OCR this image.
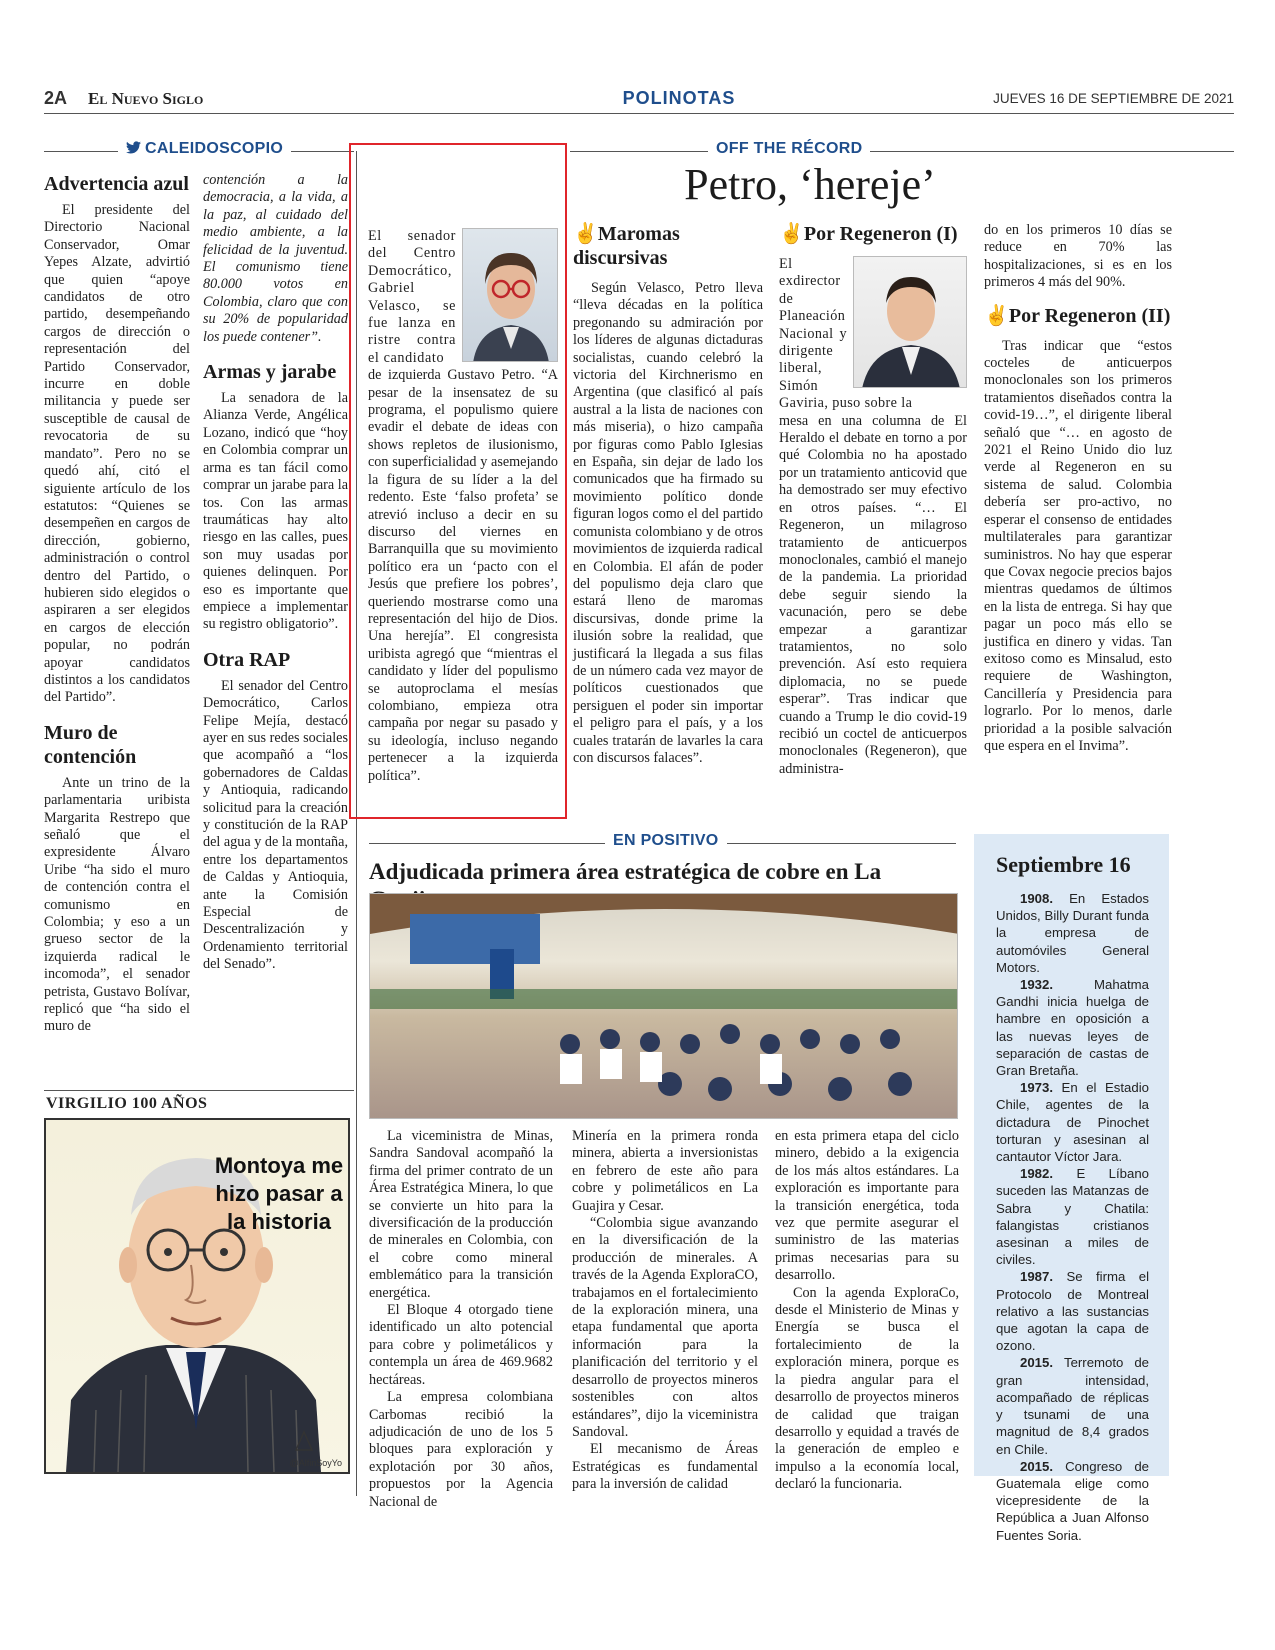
2A El Nuevo Siglo	POLINOTAS	JUEVES 16 DE SEPTIEMBRE DE 2021
CALEIDOSCOPIO
Advertencia azul

El presidente del Directorio Nacional Conservador, Omar Yepes Alzate, advirtió que quien “apoye candidatos de otro partido, desempeñando cargos de dirección o representación del Partido Conservador, incurre en doble militancia y puede ser susceptible de causal de revocatoria de su mandato”. Pero no se quedó ahí, citó el siguiente artículo de los estatutos: “Quienes se desempeñen en cargos de dirección, gobierno, administración o control dentro del Partido, o hubieren sido elegidos o aspiraren a ser elegidos en cargos de elección popular, no podrán apoyar candidatos distintos a los candidatos del Partido”.

Muro de contención

Ante un trino de la parlamentaria uribista Margarita Restrepo que señaló que el expresidente Álvaro Uribe “ha sido el muro de contención contra el comunismo en Colombia; y eso a un grueso sector de la izquierda radical le incomoda”, el senador petrista, Gustavo Bolívar, replicó que “ha sido el muro de

contención a la democracia, a la vida, a la paz, al cuidado del medio ambiente, a la felicidad de la juventud. El comunismo tiene 80.000 votos en Colombia, claro que con su 20% de popularidad los puede contener”.
Armas y jarabe

La senadora de la Alianza Verde, Angélica Lozano, indicó que “hoy en Colombia comprar un arma es tan fácil como comprar un jarabe para la tos. Con las armas traumáticas hay alto riesgo en las calles, pues son muy usadas por quienes delinquen. Por eso es importante que empiece a implementar su registro obligatorio”.

Otra RAP

El senador del Centro Democrático, Carlos Felipe Mejía, destacó ayer en sus redes sociales que acompañó a “los gobernadores de Caldas y Antioquia, radicando solicitud para la creación y constitución de la RAP del agua y de la montaña, entre los departamentos de Caldas y Antioquia, ante la Comisión Especial de Descentralización y Ordenamiento territorial del Senado”.

VIRGILIO 100 AÑOS
Montoya me hizo pasar a la historia
@AlfinSoyYo
OFF THE RÉCORD
Petro, ‘hereje’
El senador del Centro Democrático, Gabriel Velasco, se fue lanza en ristre contra el candidato
de izquierda Gustavo Petro. “A pesar de la insensatez de su programa, el populismo quiere evadir el debate de ideas con shows repletos de ilusionismo, con superficialidad y asemejando la figura de su líder a la del redento. Este ‘falso profeta’ se atrevió incluso a decir en su discurso del viernes en Barranquilla que su movimiento político era un ‘pacto con el Jesús que prefiere los pobres’, queriendo mostrarse como una representación del hijo de Dios. Una herejía”. El congresista uribista agregó que “mientras el candidato y líder del populismo se autoproclama el mesías colombiano, empieza otra campaña por negar su pasado y su ideología, incluso negando pertenecer a la izquierda política”.
✌Maromas discursivas

Según Velasco, Petro lleva “lleva décadas en la política pregonando su admiración por los líderes de algunas dictaduras socialistas, cuando celebró la victoria del Kirchnerismo en Argentina (que clasificó al país austral a la lista de naciones con más miseria), o hizo campaña por figuras como Pablo Iglesias en España, sin dejar de lado los comunicados que ha firmado su movimiento político donde figuran logos como el del partido comunista colombiano y de otros movimientos de izquierda radical en Colombia. El afán de poder del populismo deja claro que estará lleno de maromas discursivas, donde prime la ilusión sobre la realidad, que justificará la llegada a sus filas de un número cada vez mayor de políticos cuestionados que persiguen el poder sin importar el peligro para el país, y a los cuales tratarán de lavarles la cara con discursos falaces”.

✌Por Regeneron (I)
El exdirector de Planeación Nacional y dirigente liberal, Simón Gaviria, puso sobre la
mesa en una columna de El Heraldo el debate en torno a por qué Colombia no ha apostado por un tratamiento anticovid que ha demostrado ser muy efectivo en otros países. “… El Regeneron, un milagroso tratamiento de anticuerpos monoclonales, cambió el manejo de la pandemia. La prioridad debe seguir siendo la vacunación, pero se debe empezar a garantizar tratamientos, no solo prevención. Así esto requiera diplomacia, no se puede esperar”. Tras indicar que cuando a Trump le dio covid-19 recibió un coctel de anticuerpos monoclonales (Regeneron), que administra-
do en los primeros 10 días se reduce en 70% las hospitalizaciones, si es en los primeros 4 más del 90%.
✌Por Regeneron (II)

Tras indicar que “estos cocteles de anticuerpos monoclonales son los primeros tratamientos diseñados contra la covid-19…”, el dirigente liberal señaló que “… en agosto de 2021 el Reino Unido dio luz verde al Regeneron en su sistema de salud. Colombia debería ser pro-activo, no esperar el consenso de entidades multilaterales para garantizar suministros. No hay que esperar que Covax negocie precios bajos mientras quedamos de últimos en la lista de entrega. Si hay que pagar un poco más ello se justifica en dinero y vidas. Tan exitoso como es Minsalud, esto requiere de Washington, Cancillería y Presidencia para lograrlo. Por lo menos, darle prioridad a la posible salvación que espera en el Invima”.

EN POSITIVO
Adjudicada primera área estratégica de cobre en La

La viceministra de Minas, Sandra Sandoval acompañó la firma del primer contrato de un Área Estratégica Minera, lo que se convierte un hito para la diversificación de la producción de minerales en Colombia, con el cobre como mineral emblemático para la transición energética.

El Bloque 4 otorgado tiene identificado un alto potencial para cobre y polimetálicos y contempla un área de 469.9682 hectáreas.

La empresa colombiana Carbomas recibió la adjudicación de uno de los 5 bloques para exploración y explotación por 30 años, propuestos por la Agencia Nacional de

Minería en la primera ronda minera, abierta a inversionistas en febrero de este año para cobre y polimetálicos en La Guajira y Cesar.

“Colombia sigue avanzando en la diversificación de la producción de minerales. A través de la Agenda ExploraCO, trabajamos en el fortalecimiento de la exploración minera, una etapa fundamental que aporta información para la planificación del territorio y el desarrollo de proyectos mineros sostenibles con altos estándares”, dijo la viceministra Sandoval.

El mecanismo de Áreas Estratégicas es fundamental para la inversión de calidad

en esta primera etapa del ciclo minero, debido a la exigencia de los más altos estándares. La exploración es importante para la transición energética, toda vez que permite asegurar el suministro de las materias primas necesarias para su desarrollo.

Con la agenda ExploraCo, desde el Ministerio de Minas y Energía se busca el fortalecimiento de la exploración minera, porque es la piedra angular para el desarrollo de proyectos mineros de calidad que traigan desarrollo y equidad a través de la generación de empleo e impulso a la economía local, declaró la funcionaria.

Septiembre 16
1908. En Estados Unidos, Billy Durant funda la empresa de automóviles General Motors.
1932. Mahatma Gandhi inicia huelga de hambre en oposición a las nuevas leyes de separación de castas de Gran Bretaña.
1973. En el Estadio Chile, agentes de la dictadura de Pinochet torturan y asesinan al cantautor Víctor Jara.
1982. E Líbano suceden las Matanzas de Sabra y Chatila: falangistas cristianos asesinan a miles de civiles.
1987. Se firma el Protocolo de Montreal relativo a las sustancias que agotan la capa de ozono.
2015. Terremoto de gran intensidad, acompañado de réplicas y tsunami de una magnitud de 8,4 grados en Chile.
2015. Congreso de Guatemala elige como vicepresidente de la República a Juan Alfonso Fuentes Soria.
